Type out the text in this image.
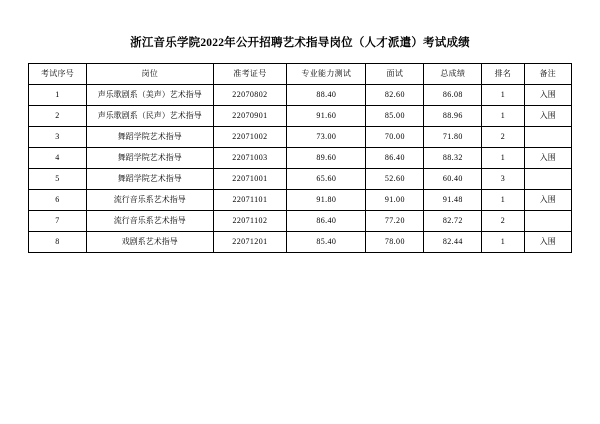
浙江音乐学院2022年公开招聘艺术指导岗位（人才派遣）考试成绩
考试序号	岗位	准考证号	专业能力测试	面试	总成绩	排名	备注
1	声乐歌剧系（美声）艺术指导	22070802	88.40	82.60	86.08	1	入围
2	声乐歌剧系（民声）艺术指导	22070901	91.60	85.00	88.96	1	入围
3	舞蹈学院艺术指导	22071002	73.00	70.00	71.80	2	
4	舞蹈学院艺术指导	22071003	89.60	86.40	88.32	1	入围
5	舞蹈学院艺术指导	22071001	65.60	52.60	60.40	3	
6	流行音乐系艺术指导	22071101	91.80	91.00	91.48	1	入围
7	流行音乐系艺术指导	22071102	86.40	77.20	82.72	2	
8	戏剧系艺术指导	22071201	85.40	78.00	82.44	1	入围
